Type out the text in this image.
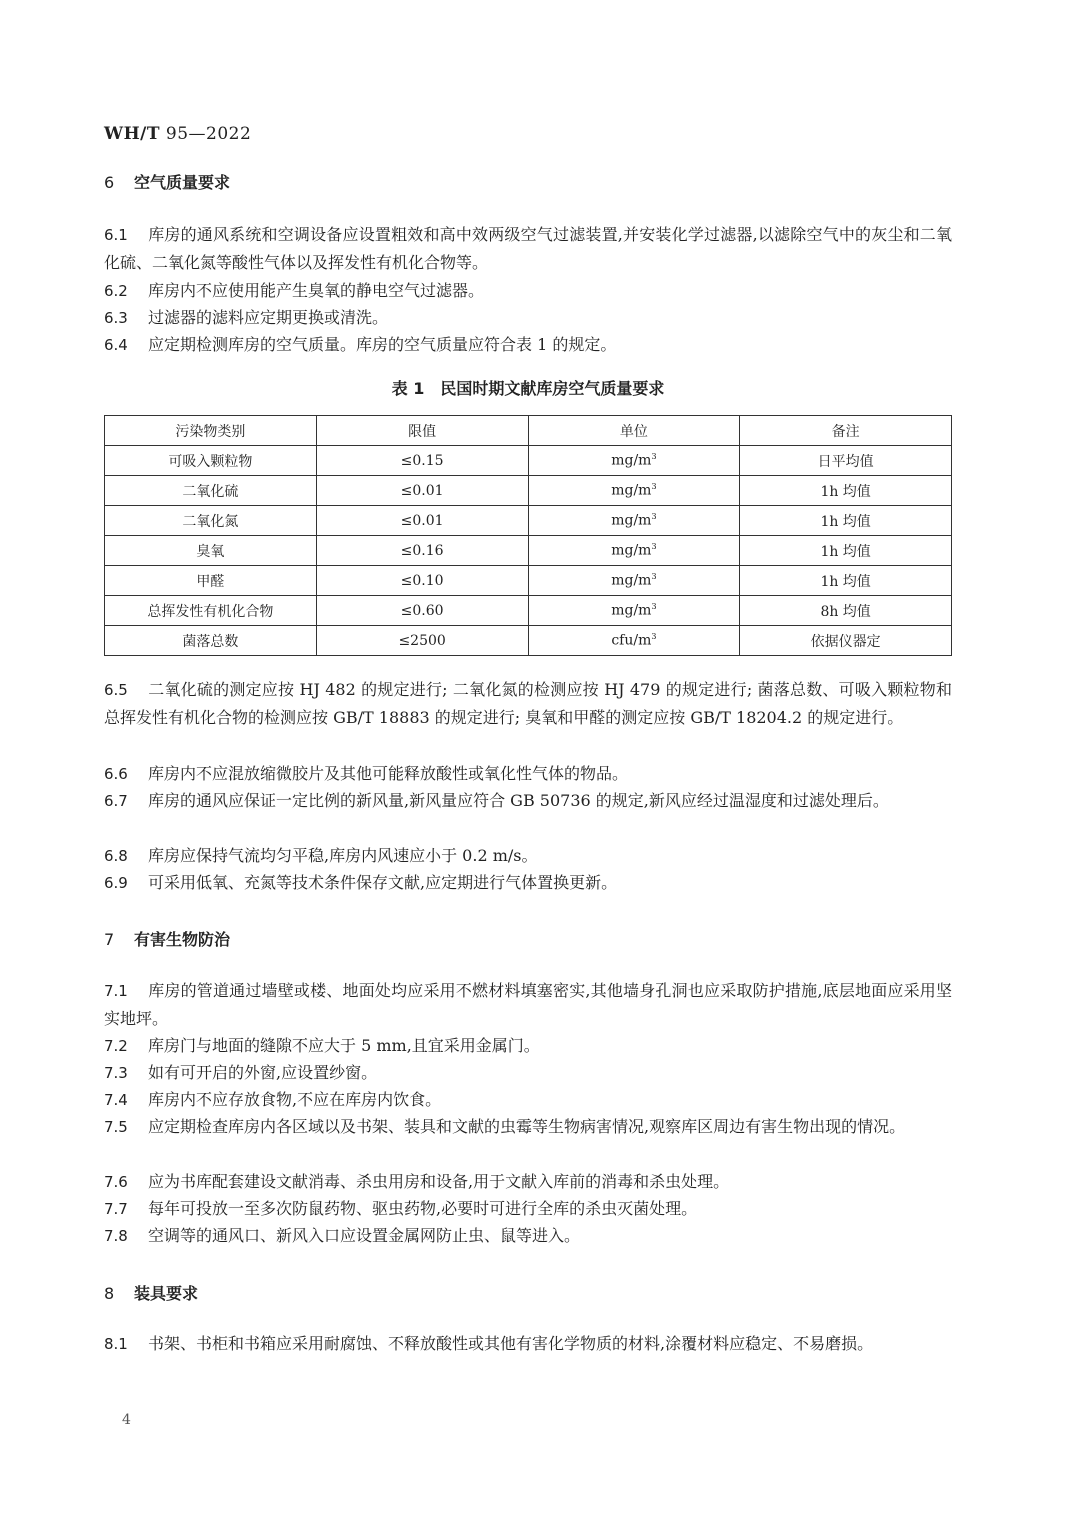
WH/T 95—2022
6 空气质量要求
6.1 库房的通风系统和空调设备应设置粗效和高中效两级空气过滤装置,并安装化学过滤器,以滤除空气中的灰尘和二氧化硫、二氧化氮等酸性气体以及挥发性有机化合物等。
6.2 库房内不应使用能产生臭氧的静电空气过滤器。
6.3 过滤器的滤料应定期更换或清洗。
6.4 应定期检测库房的空气质量。库房的空气质量应符合表 1 的规定。
表 1　民国时期文献库房空气质量要求
污染物类别	限值	单位	备注
可吸入颗粒物	≤0.15	$mg/m^3$	日平均值
二氧化硫	≤0.01	$mg/m^3$	1h 均值
二氧化氮	≤0.01	$mg/m^3$	1h 均值
臭氧	≤0.16	$mg/m^3$	1h 均值
甲醛	≤0.10	$mg/m^3$	1h 均值
总挥发性有机化合物	≤0.60	$mg/m^3$	8h 均值
菌落总数	≤2500	cfu/$m^3$	依据仪器定
6.5 二氧化硫的测定应按 HJ 482 的规定进行; 二氧化氮的检测应按 HJ 479 的规定进行; 菌落总数、可吸入颗粒物和总挥发性有机化合物的检测应按 GB/T 18883 的规定进行; 臭氧和甲醛的测定应按 GB/T 18204.2 的规定进行。
6.6 库房内不应混放缩微胶片及其他可能释放酸性或氧化性气体的物品。
6.7 库房的通风应保证一定比例的新风量,新风量应符合 GB 50736 的规定,新风应经过温湿度和过滤处理后。
6.8 库房应保持气流均匀平稳,库房内风速应小于 0.2 m/s。
6.9 可采用低氧、充氮等技术条件保存文献,应定期进行气体置换更新。
7 有害生物防治
7.1 库房的管道通过墙壁或楼、地面处均应采用不燃材料填塞密实,其他墙身孔洞也应采取防护措施,底层地面应采用坚实地坪。
7.2 库房门与地面的缝隙不应大于 5 mm,且宜采用金属门。
7.3 如有可开启的外窗,应设置纱窗。
7.4 库房内不应存放食物,不应在库房内饮食。
7.5 应定期检查库房内各区域以及书架、装具和文献的虫霉等生物病害情况,观察库区周边有害生物出现的情况。
7.6 应为书库配套建设文献消毒、杀虫用房和设备,用于文献入库前的消毒和杀虫处理。
7.7 每年可投放一至多次防鼠药物、驱虫药物,必要时可进行全库的杀虫灭菌处理。
7.8 空调等的通风口、新风入口应设置金属网防止虫、鼠等进入。
8 装具要求
8.1 书架、书柜和书箱应采用耐腐蚀、不释放酸性或其他有害化学物质的材料,涂覆材料应稳定、不易磨损。
4
